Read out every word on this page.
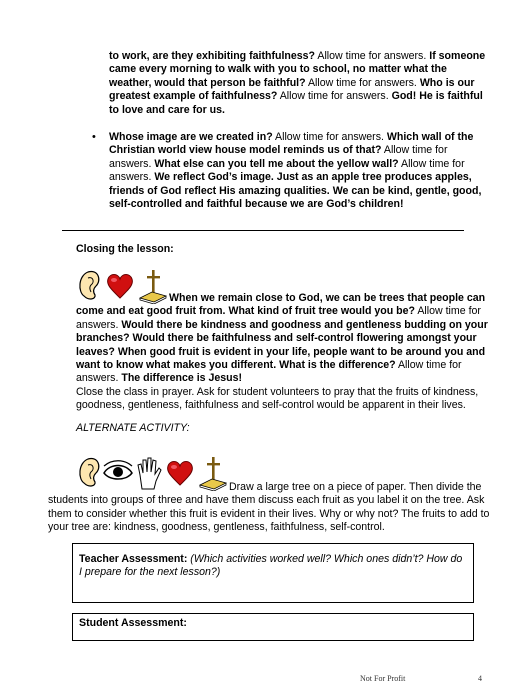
to work, are they exhibiting faithfulness? Allow time for answers. If someone came every morning to walk with you to school, no matter what the weather, would that person be faithful? Allow time for answers. Who is our greatest example of faithfulness? Allow time for answers. God! He is faithful to love and care for us.
• Whose image are we created in? Allow time for answers. Which wall of the Christian world view house model reminds us of that? Allow time for answers. What else can you tell me about the yellow wall? Allow time for answers. We reflect God’s image. Just as an apple tree produces apples, friends of God reflect His amazing qualities. We can be kind, gentle, good, self-controlled and faithful because we are God’s children!
Closing the lesson:
When we remain close to God, we can be trees that people can come and eat good fruit from. What kind of fruit tree would you be? Allow time for answers. Would there be kindness and goodness and gentleness budding on your branches? Would there be faithfulness and self-control flowering amongst your leaves? When good fruit is evident in your life, people want to be around you and want to know what makes you different. What is the difference? Allow time for answers. The difference is Jesus!
Close the class in prayer. Ask for student volunteers to pray that the fruits of kindness, goodness, gentleness, faithfulness and self-control would be apparent in their lives.
ALTERNATE ACTIVITY:
Draw a large tree on a piece of paper. Then divide the
students into groups of three and have them discuss each fruit as you label it on the tree. Ask them to consider whether this fruit is evident in their lives. Why or why not? The fruits to add to your tree are: kindness, goodness, gentleness, faithfulness, self-control.
Teacher Assessment: (Which activities worked well? Which ones didn’t? How do I prepare for the next lesson?)
Student Assessment:
Not For Profit	4
